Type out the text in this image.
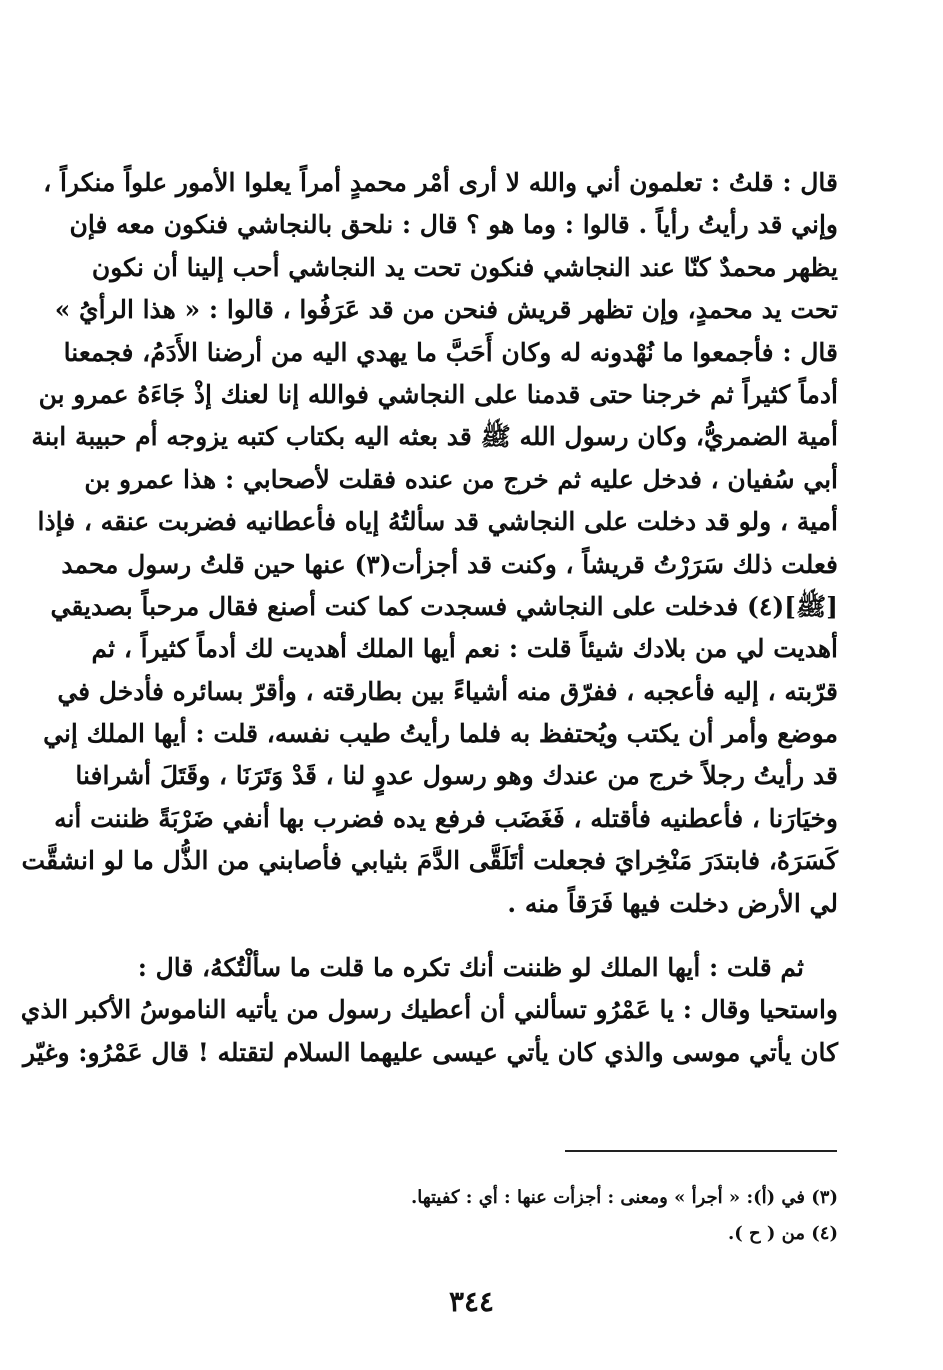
قال : قلتُ : تعلمون أني والله لا أرى أمْر محمدٍ أمراً يعلوا الأمور علواً منكراً ،
وإني قد رأيتُ رأياً . قالوا : وما هو ؟ قال : نلحق بالنجاشي فنكون معه فإن
يظهر محمدٌ كنّا عند النجاشي فنكون تحت يد النجاشي أحب إلينا أن نكون
تحت يد محمدٍ، وإن تظهر قريش فنحن من قد عَرَفُوا ، قالوا : « هذا الرأيُ »
قال : فأجمعوا ما نُهْدونه له وكان أَحَبَّ ما يهدي اليه من أرضنا الأَدَمُ، فجمعنا
أدماً كثيراً ثم خرجنا حتى قدمنا على النجاشي فوالله إنا لعنك إذْ جَاءَهُ عمرو بن
أمية الضمريُّ، وكان رسول الله ﷺ قد بعثه اليه بكتاب كتبه يزوجه أم حبيبة ابنة
أبي سُفيان ، فدخل عليه ثم خرج من عنده فقلت لأصحابي : هذا عمرو بن
أمية ، ولو قد دخلت على النجاشي قد سألتُهُ إياه فأعطانيه فضربت عنقه ، فإذا
فعلت ذلك سَرَرْتُ قريشاً ، وكنت قد أجزأت(٣) عنها حين قلتُ رسول محمد
[ﷺ](٤) فدخلت على النجاشي فسجدت كما كنت أصنع فقال مرحباً بصديقي
أهديت لي من بلادك شيئاً قلت : نعم أيها الملك أهديت لك أدماً كثيراً ، ثم
قرّبته ، إليه فأعجبه ، ففرّق منه أشياءً بين بطارقته ، وأقرّ بسائره فأدخل في
موضع وأمر أن يكتب ويُحتفظ به فلما رأيتُ طيب نفسه، قلت : أيها الملك إني
قد رأيتُ رجلاً خرج من عندك وهو رسول عدوٍ لنا ، قَدْ وَتَرَنَا ، وقَتَلَ أشرافنا
وخيَارَنا ، فأعطنيه فأقتله ، فَغَضَب فرفع يده فضرب بها أنفي ضَرْبَةً ظننت أنه
كَسَرَهُ، فابتدَرَ مَنْخِرايَ فجعلت أتَلَقَّى الدَّمَ بثيابي فأصابني من الذُّل ما لو انشقَّت
لي الأرض دخلت فيها فَرَقاً منه .
ثم قلت : أيها الملك لو ظننت أنك تكره ما قلت ما سألْتُكهُ، قال :
واستحيا وقال : يا عَمْرُو تسألني أن أعطيك رسول من يأتيه الناموسُ الأكبر الذي
كان يأتي موسى والذي كان يأتي عيسى عليهما السلام لتقتله ! قال عَمْرُو: وغيّر
(٣) في (أ): « أجرأ » ومعنى : أجزأت عنها : أي : كفيتها.
(٤) من ( ح ).
٣٤٤
